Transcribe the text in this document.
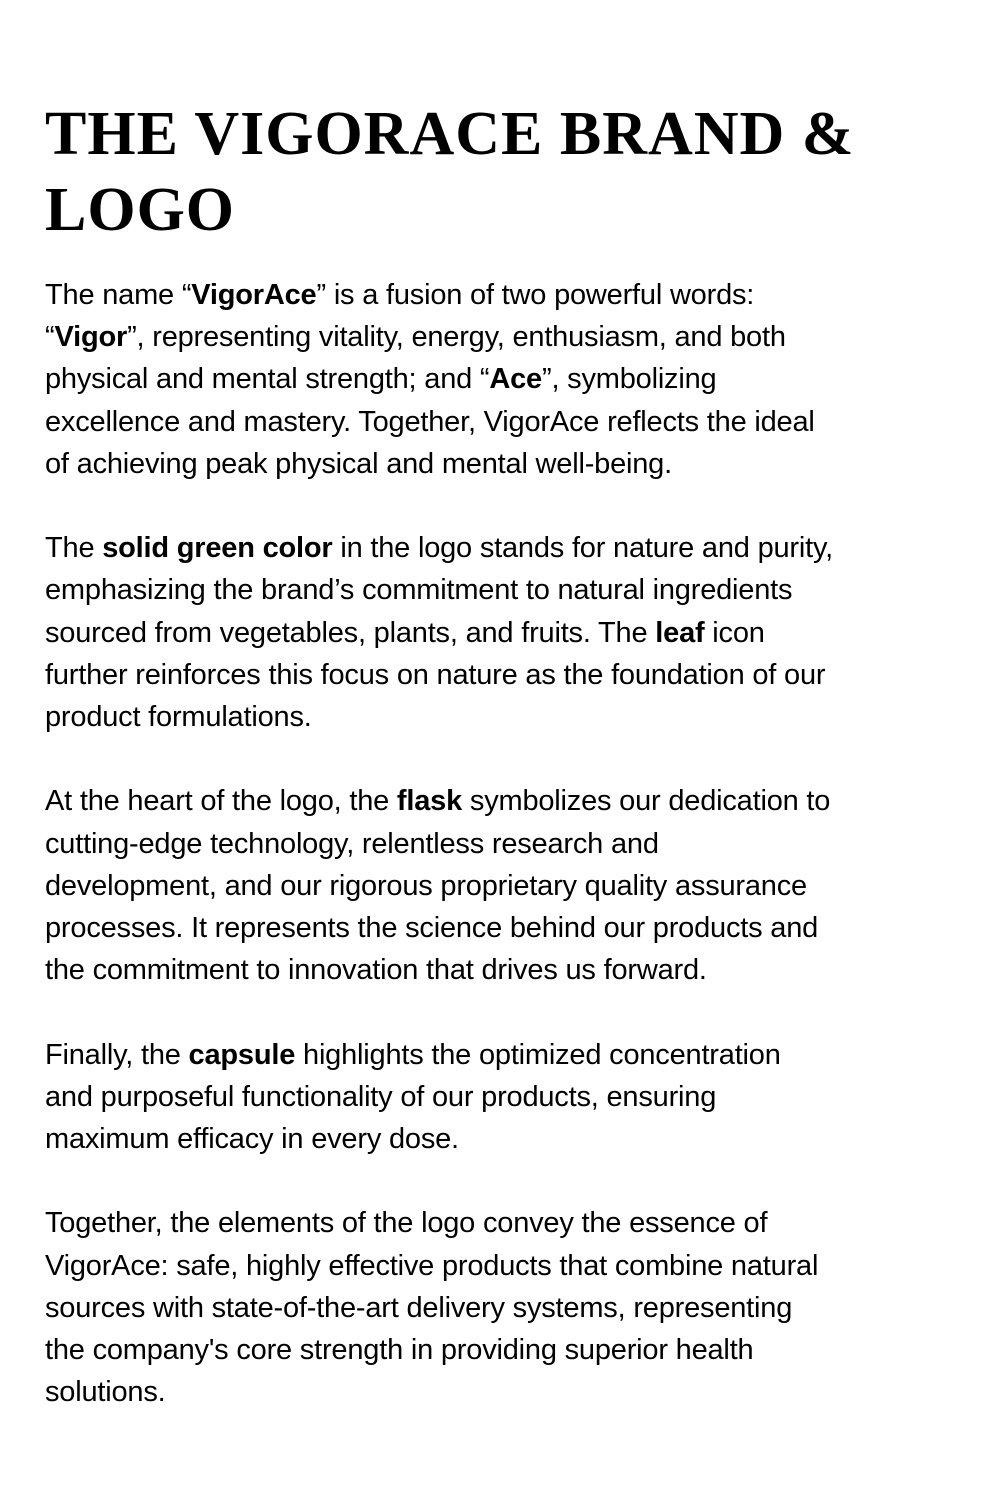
THE VIGORACE BRAND &
LOGO

The name “VigorAce” is a fusion of two powerful words:
“Vigor”, representing vitality, energy, enthusiasm, and both
physical and mental strength; and “Ace”, symbolizing
excellence and mastery. Together, VigorAce reflects the ideal
of achieving peak physical and mental well-being.

The solid green color in the logo stands for nature and purity,
emphasizing the brand’s commitment to natural ingredients
sourced from vegetables, plants, and fruits. The leaf icon
further reinforces this focus on nature as the foundation of our
product formulations.

At the heart of the logo, the flask symbolizes our dedication to
cutting-edge technology, relentless research and
development, and our rigorous proprietary quality assurance
processes. It represents the science behind our products and
the commitment to innovation that drives us forward.

Finally, the capsule highlights the optimized concentration
and purposeful functionality of our products, ensuring
maximum efficacy in every dose.

Together, the elements of the logo convey the essence of
VigorAce: safe, highly effective products that combine natural
sources with state-of-the-art delivery systems, representing
the company's core strength in providing superior health
solutions.
